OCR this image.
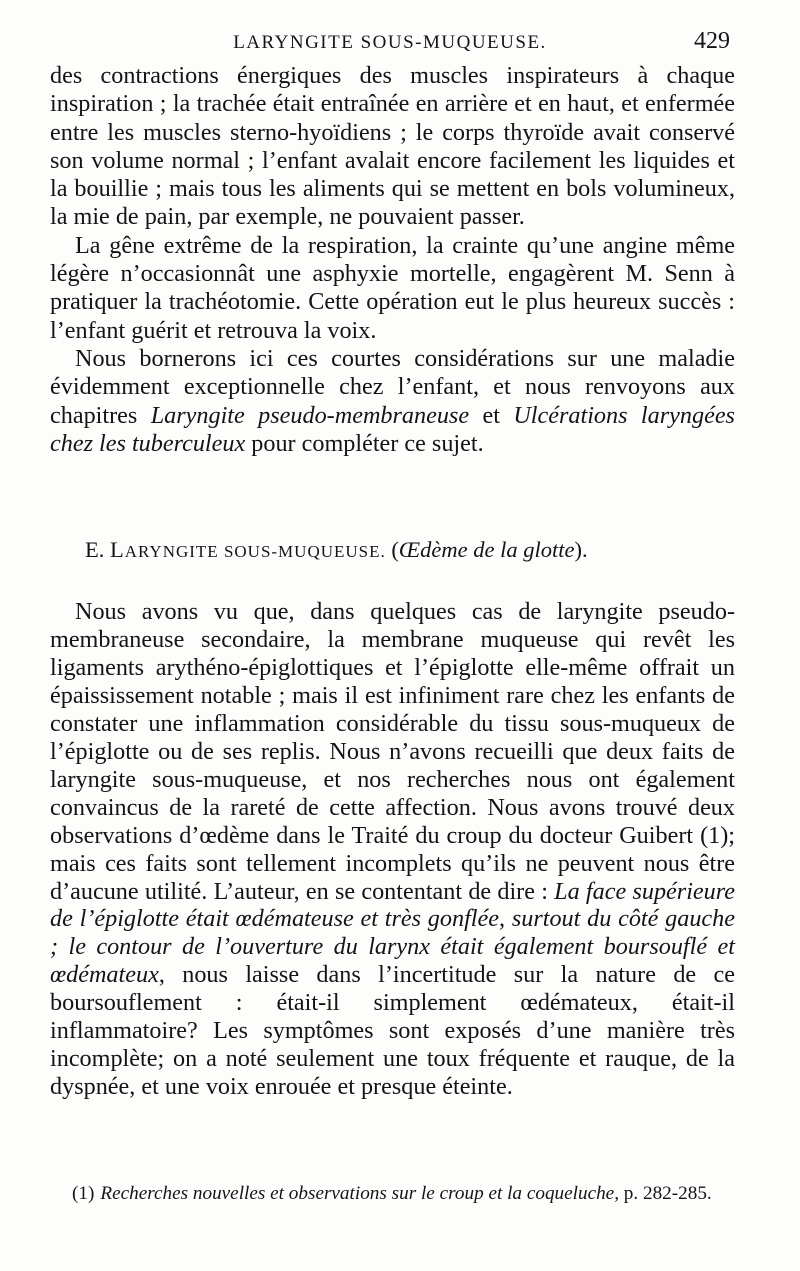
LARYNGITE SOUS-MUQUEUSE.	429

des contractions énergiques des muscles inspirateurs à chaque inspiration ; la trachée était entraînée en arrière et en haut, et enfermée entre les muscles sterno-hyoïdiens ; le corps thyroïde avait conservé son volume normal ; l’enfant avalait encore facilement les liquides et la bouillie ; mais tous les aliments qui se mettent en bols volumineux, la mie de pain, par exemple, ne pouvaient passer.

La gêne extrême de la respiration, la crainte qu’une angine même légère n’occasionnât une asphyxie mortelle, engagèrent M. Senn à pratiquer la trachéotomie. Cette opération eut le plus heureux succès : l’enfant guérit et retrouva la voix.

Nous bornerons ici ces courtes considérations sur une maladie évidemment exceptionnelle chez l’enfant, et nous renvoyons aux chapitres Laryngite pseudo-membraneuse et Ulcérations laryngées chez les tuberculeux pour compléter ce sujet.

E. LARYNGITE SOUS-MUQUEUSE. (Œdème de la glotte).

Nous avons vu que, dans quelques cas de laryngite pseudo-membraneuse secondaire, la membrane muqueuse qui revêt les ligaments arythéno-épiglottiques et l’épiglotte elle-même offrait un épaississement notable ; mais il est infiniment rare chez les enfants de constater une inflammation considérable du tissu sous-muqueux de l’épiglotte ou de ses replis. Nous n’avons recueilli que deux faits de laryngite sous-muqueuse, et nos recherches nous ont également convaincus de la rareté de cette affection. Nous avons trouvé deux observations d’œdème dans le Traité du croup du docteur Guibert (1); mais ces faits sont tellement incomplets qu’ils ne peuvent nous être d’aucune utilité. L’auteur, en se contentant de dire : La face supérieure de l’épiglotte était œdémateuse et très gonflée, surtout du côté gauche ; le contour de l’ouverture du larynx était également boursouflé et œdémateux, nous laisse dans l’incertitude sur la nature de ce boursouflement : était-il simplement œdémateux, était-il inflammatoire? Les symptômes sont exposés d’une manière très incomplète; on a noté seulement une toux fréquente et rauque, de la dyspnée, et une voix enrouée et presque éteinte.

(1) Recherches nouvelles et observations sur le croup et la coqueluche, p. 282-285.
